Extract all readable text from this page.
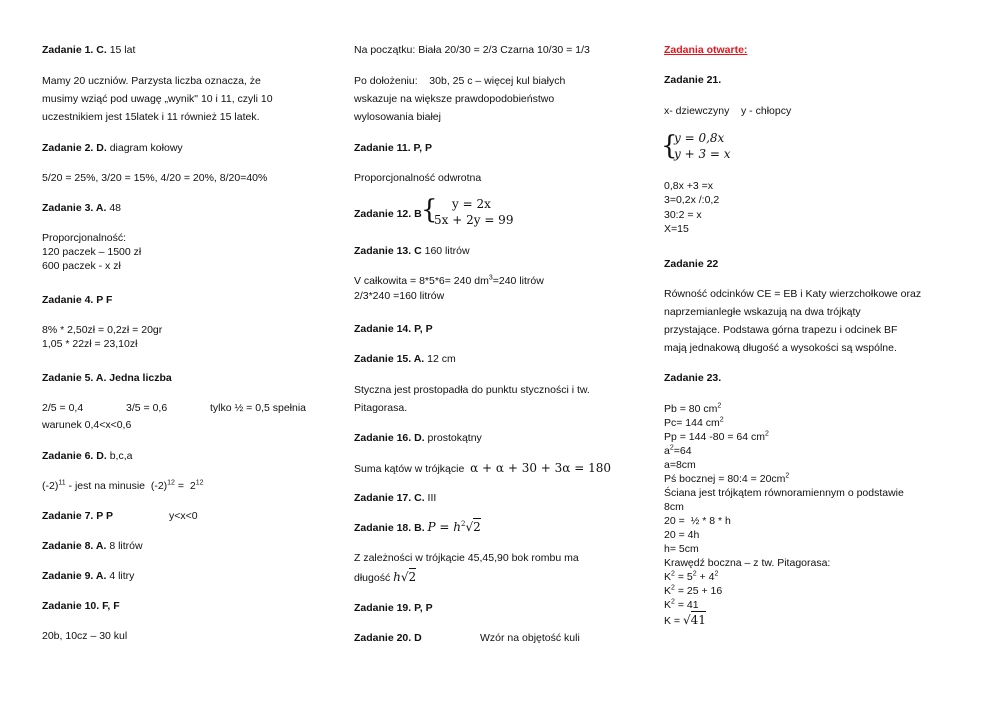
Zadanie 1. C. 15 lat
Mamy 20 uczniów. Parzysta liczba oznacza, że
musimy wziąć pod uwagę „wynik" 10 i 11, czyli 10
uczestnikiem jest 15latek i 11 również 15 latek.
Zadanie 2. D. diagram kołowy
5/20 = 25%, 3/20 = 15%, 4/20 = 20%, 8/20=40%
Zadanie 3. A. 48
Proporcjonalność:
120 paczek – 1500 zł
600 paczek - x zł
Zadanie 4. P F
8% * 2,50zł = 0,2zł = 20gr
1,05 * 22zł = 23,10zł
Zadanie 5. A. Jedna liczba
2/5 = 0,4	3/5 = 0,6	tylko ½ = 0,5 spełnia
warunek 0,4<x<0,6
Zadanie 6. D. b,c,a
$(-2)^{11}$ - jest na minusie  $(-2)^{12} = 2^{12}$
Zadanie 7. P P	y<x<0
Zadanie 8. A. 8 litrów
Zadanie 9. A. 4 litry
Zadanie 10. F, F
20b, 10cz – 30 kul
Na początku: Biała 20/30 = 2/3 Czarna 10/30 = 1/3
Po dołożeniu:    30b, 25 c – więcej kul białych
wskazuje na większe prawdopodobieństwo
wylosowania białej
Zadanie 11. P, P
Proporcjonalność odwrotna
Zadanie 12. B { y = 2x
5x + 2y = 99
Zadanie 13. C 160 litrów
V całkowita = 8*5*6= 240 $dm^3=240$ litrów
2/3*240 =160 litrów
Zadanie 14. P, P
Zadanie 15. A. 12 cm
Styczna jest prostopadła do punktu styczności i tw.
Pitagorasa.
Zadanie 16. D. prostokątny
Suma kątów w trójkącie α + α + 30 + 3α = 180
Zadanie 17. C. III
Zadanie 18. B. $P = h^2√2$
Z zależności w trójkącie 45,45,90 bok rombu ma
długość h√2
Zadanie 19. P, P
Zadanie 20. D	Wzór na objętość kuli
Zadania otwarte:
Zadanie 21.
x- dziewczyny    y - chłopcy
{
y = 0,8x
y + 3 = x
0,8x +3 =x
3=0,2x /:0,2
30:2 = x
X=15
Zadanie 22
Równość odcinków CE = EB i Katy wierzchołkowe oraz
naprzemianległe wskazują na dwa trójkąty
przystające. Podstawa górna trapezu i odcinek BF
mają jednakową długość a wysokości są wspólne.
Zadanie 23.
Pb = 80 $cm^2$
Pc= 144 $cm^2$
Pp = 144 -80 = 64 $cm^2$
$a^2=64$
a=8cm
Pś bocznej = 80:4 = $20cm^2$
Ściana jest trójkątem równoramiennym o podstawie
8cm
20 =  ½ * 8 * h
20 = 4h
h= 5cm
Krawędź boczna – z tw. Pitagorasa:
$K^2 = 5^2 + 4^2$
$K^2 = 25 + 16$
$K^2 = 41$
K = √41
